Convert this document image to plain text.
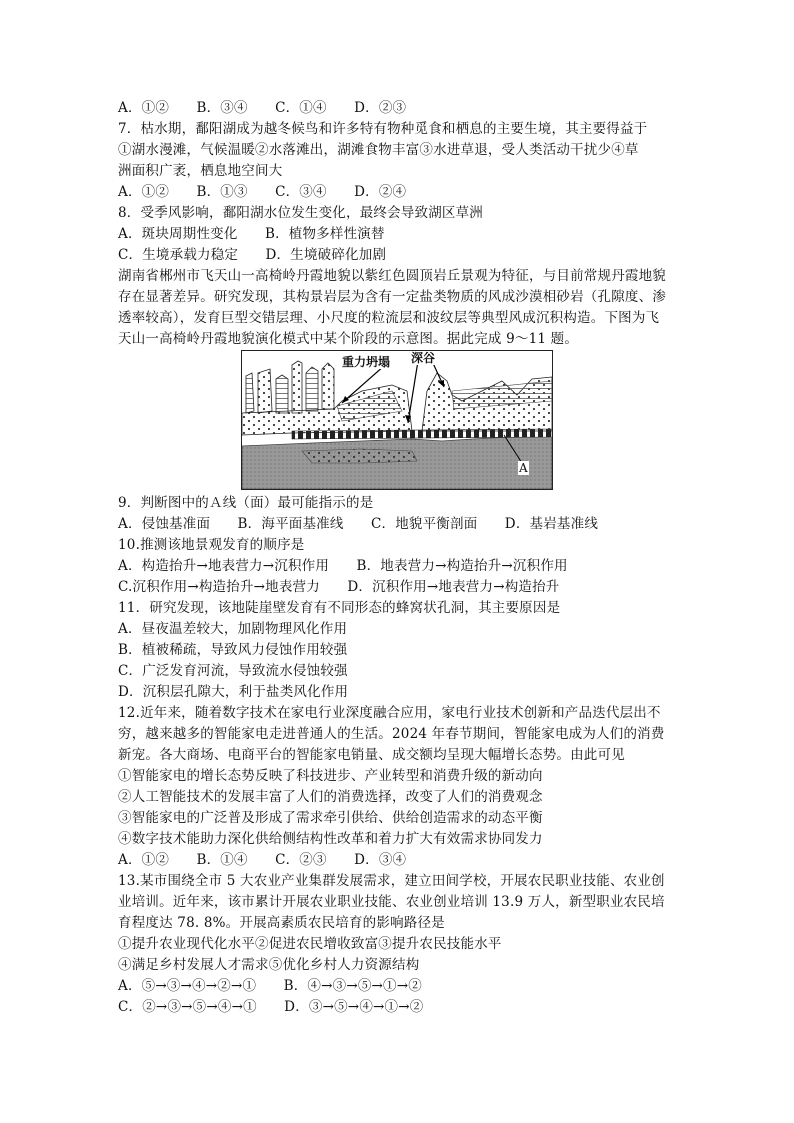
A．①②　　B．③④　　C．①④　　D．②③
7．枯水期，鄱阳湖成为越冬候鸟和许多特有物种觅食和栖息的主要生境，其主要得益于
①湖水漫滩，气候温暖②水落滩出，湖滩食物丰富③水进草退，受人类活动干扰少④草
洲面积广袤，栖息地空间大
A．①②　　B．①③　　C．③④　　D．②④
8．受季风影响，鄱阳湖水位发生变化，最终会导致湖区草洲
A．斑块周期性变化　　B．植物多样性演替
C．生境承载力稳定　　D．生境破碎化加剧
湖南省郴州市飞天山一高椅岭丹霞地貌以紫红色圆顶岩丘景观为特征，与目前常规丹霞地貌
存在显著差异。研究发现，其构景岩层为含有一定盐类物质的风成沙漠相砂岩（孔隙度、渗
透率较高），发育巨型交错层理、小尺度的粒流层和波纹层等典型风成沉积构造。下图为飞
天山一高椅岭丹霞地貌演化模式中某个阶段的示意图。据此完成 9～11 题。
重力坍塌 深谷
A
9．判断图中的Ａ线（面）最可能指示的是
A．侵蚀基准面　　B．海平面基准线　　C．地貌平衡剖面　　D．基岩基准线
10.推测该地景观发育的顺序是
A．构造抬升→地表营力→沉积作用　　B．地表营力→构造抬升→沉积作用
C.沉积作用→构造抬升→地表营力　　D．沉积作用→地表营力→构造抬升
11．研究发现，该地陡崖壁发育有不同形态的蜂窝状孔洞，其主要原因是
A．昼夜温差较大，加剧物理风化作用
B．植被稀疏，导致风力侵蚀作用较强
C．广泛发育河流，导致流水侵蚀较强
D．沉积层孔隙大，利于盐类风化作用
12.近年来，随着数字技术在家电行业深度融合应用，家电行业技术创新和产品迭代层出不
穷，越来越多的智能家电走进普通人的生活。2024 年春节期间，智能家电成为人们的消费
新宠。各大商场、电商平台的智能家电销量、成交额均呈现大幅增长态势。由此可见
①智能家电的增长态势反映了科技进步、产业转型和消费升级的新动向
②人工智能技术的发展丰富了人们的消费选择，改变了人们的消费观念
③智能家电的广泛普及形成了需求牵引供给、供给创造需求的动态平衡
④数字技术能助力深化供给侧结构性改革和着力扩大有效需求协同发力
A．①②　　B．①④　　C．②③　　D．③④
13.某市围绕全市 5 大农业产业集群发展需求，建立田间学校，开展农民职业技能、农业创
业培训。近年来，该市累计开展农业职业技能、农业创业培训 13.9 万人，新型职业农民培
育程度达 78. 8%。开展高素质农民培育的影响路径是
①提升农业现代化水平②促进农民增收致富③提升农民技能水平
④满足乡村发展人才需求⑤优化乡村人力资源结构
A．⑤→③→④→②→①　　B．④→③→⑤→①→②
C．②→③→⑤→④→①　　D．③→⑤→④→①→②
